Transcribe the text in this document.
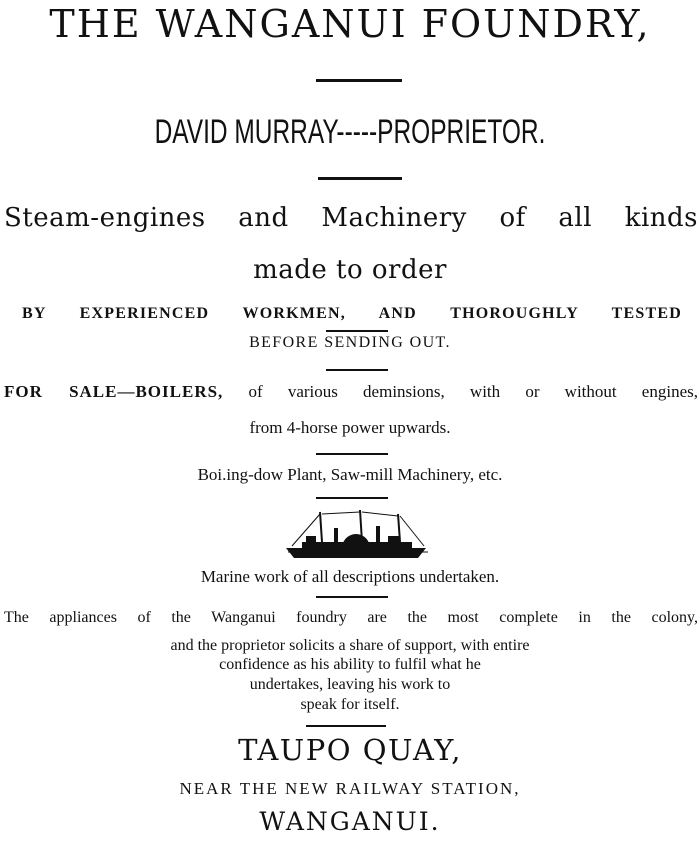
THE WANGANUI FOUNDRY,
DAVID MURRAY-----PROPRIETOR.
Steam-engines and Machinery of all kinds
made to order
BY EXPERIENCED WORKMEN, AND THOROUGHLY TESTED
BEFORE SENDING OUT.
FOR SALE—BOILERS, of various deminsions, with or without engines,
from 4-horse power upwards.
Boi.ing-dow Plant, Saw-mill Machinery, etc.
Marine work of all descriptions undertaken.
The appliances of the Wanganui foundry are the most complete in the colony,
and the proprietor solicits a share of support, with entire
confidence as his ability to fulfil what he
undertakes, leaving his work to
speak for itself.
TAUPO QUAY,
NEAR THE NEW RAILWAY STATION,
WANGANUI.
